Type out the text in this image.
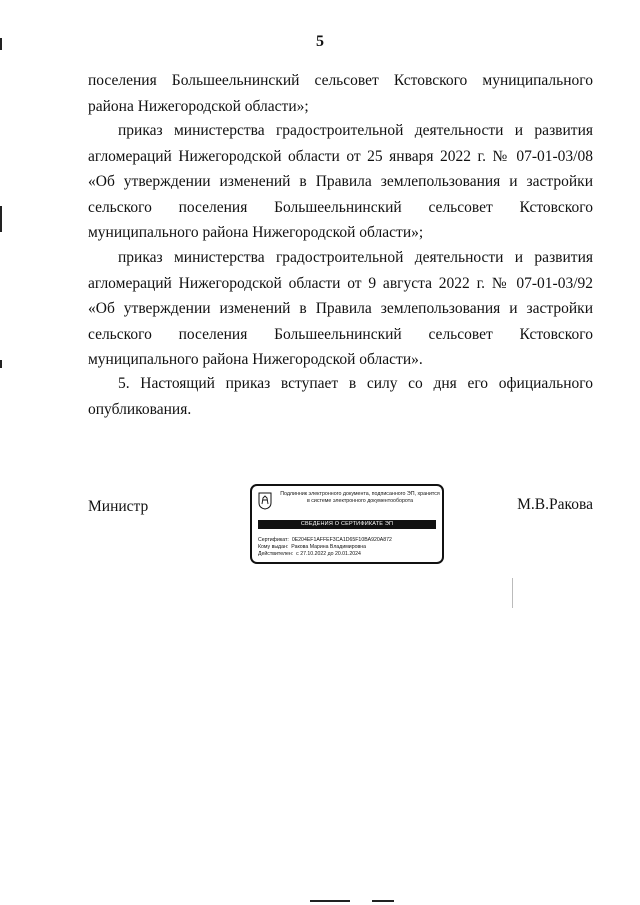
5

поселения Большеельнинский сельсовет Кстовского муниципального района Нижегородской области»;

приказ министерства градостроительной деятельности и развития агломераций Нижегородской области от 25 января 2022 г. № 07-01-03/08 «Об утверждении изменений в Правила землепользования и застройки сельского поселения Большеельнинский сельсовет Кстовского муниципального района Нижегородской области»;

приказ министерства градостроительной деятельности и развития агломераций Нижегородской области от 9 августа 2022 г. № 07-01-03/92 «Об утверждении изменений в Правила землепользования и застройки сельского поселения Большеельнинский сельсовет Кстовского муниципального района Нижегородской области».

5. Настоящий приказ вступает в силу со дня его официального опубликования.

Министр	М.В.Ракова
Подлинник электронного документа, подписанного ЭП, хранится в системе электронного документооборота
СВЕДЕНИЯ О СЕРТИФИКАТЕ ЭП
Сертификат: 0E204EF1AFFEF3CA1D65F10BA920A872
Кому выдан: Ракова Марина Владимировна
Действителен: с 27.10.2022 до 20.01.2024
